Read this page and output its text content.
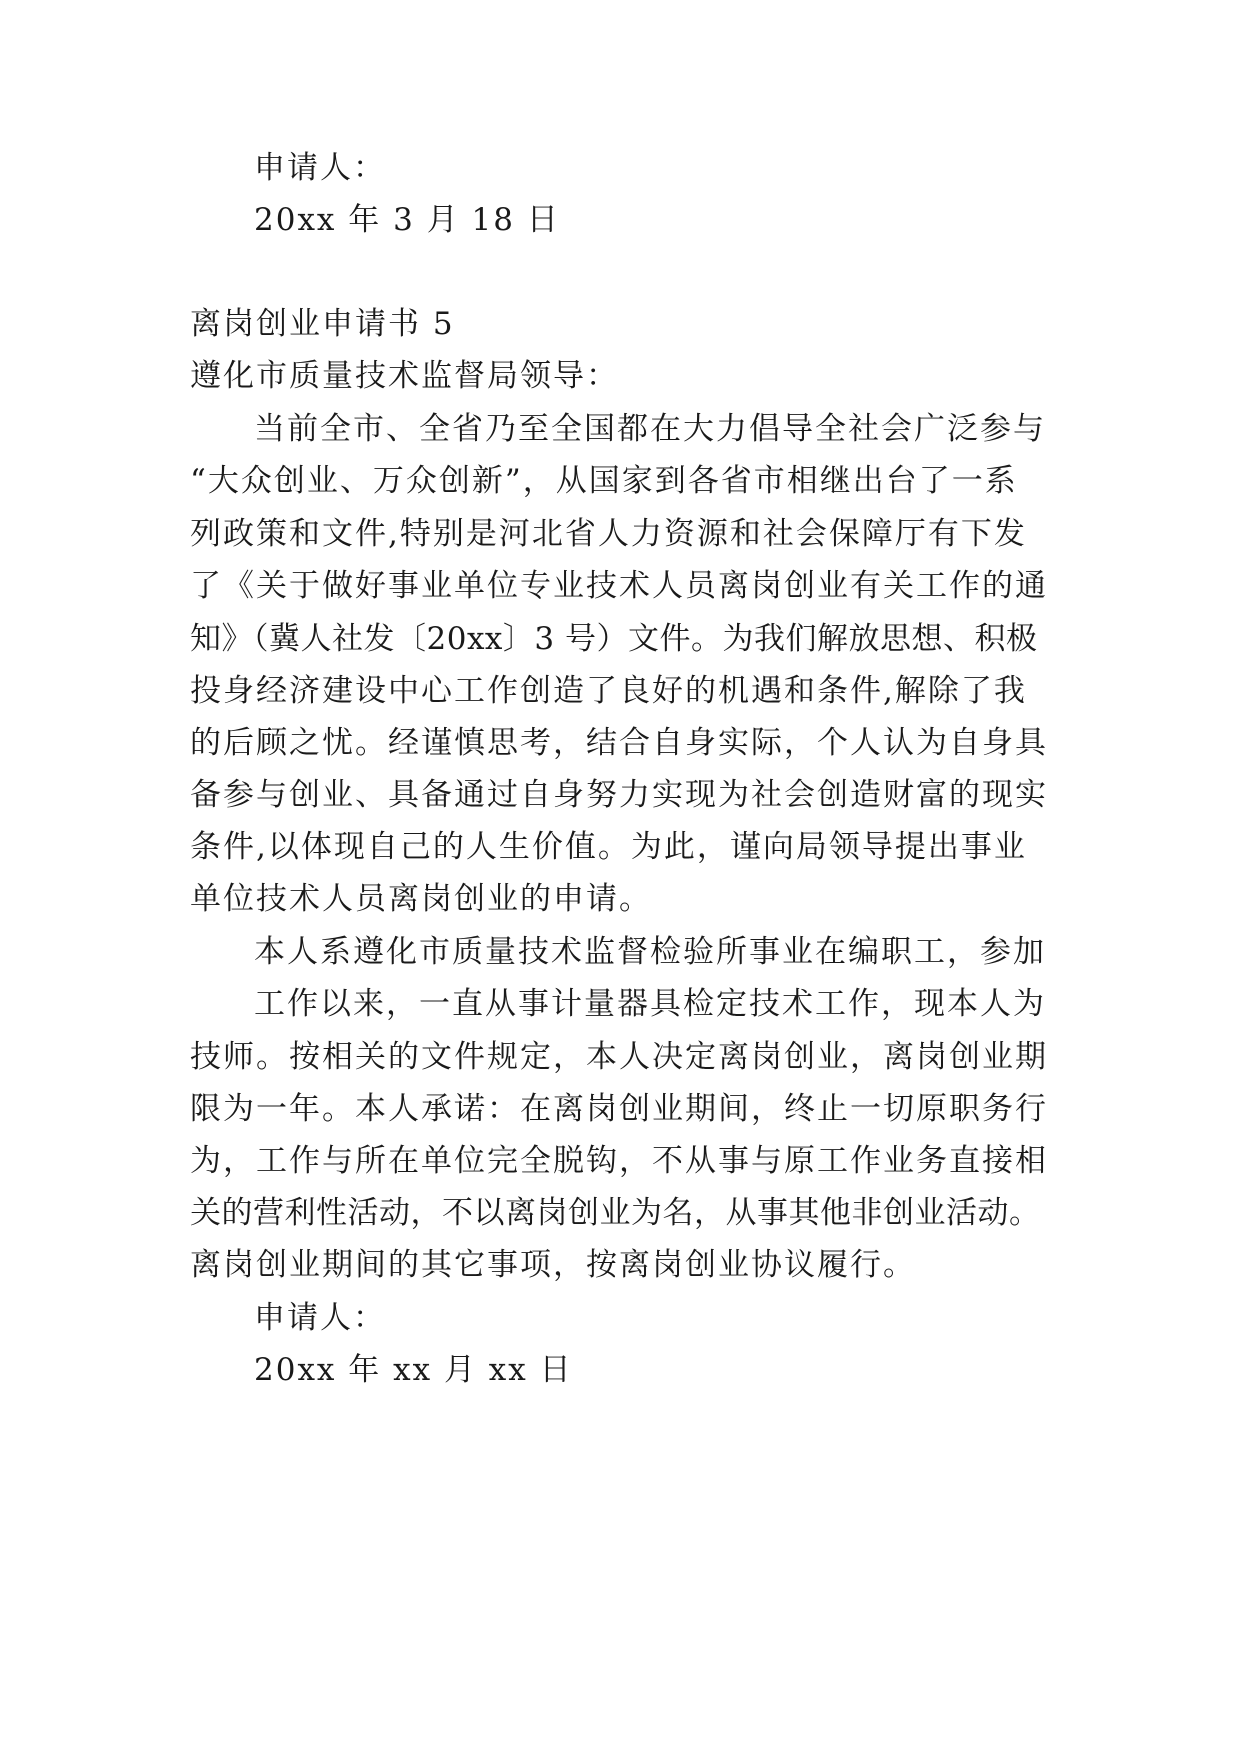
申请人：
20xx 年 3 月 18 日
离岗创业申请书 5
遵化市质量技术监督局领导：
当前全市、全省乃至全国都在大力倡导全社会广泛参与
“大众创业、万众创新”，从国家到各省市相继出台了一系
列政策和文件,特别是河北省人力资源和社会保障厅有下发
了《关于做好事业单位专业技术人员离岗创业有关工作的通
知》（冀人社发〔20xx〕3 号）文件。为我们解放思想、积极
投身经济建设中心工作创造了良好的机遇和条件,解除了我
的后顾之忧。经谨慎思考，结合自身实际，个人认为自身具
备参与创业、具备通过自身努力实现为社会创造财富的现实
条件,以体现自己的人生价值。为此，谨向局领导提出事业
单位技术人员离岗创业的申请。
本人系遵化市质量技术监督检验所事业在编职工，参加
工作以来，一直从事计量器具检定技术工作，现本人为
技师。按相关的文件规定，本人决定离岗创业，离岗创业期
限为一年。本人承诺：在离岗创业期间，终止一切原职务行
为，工作与所在单位完全脱钩，不从事与原工作业务直接相
关的营利性活动，不以离岗创业为名，从事其他非创业活动。
离岗创业期间的其它事项，按离岗创业协议履行。
申请人：
20xx 年 xx 月 xx 日
